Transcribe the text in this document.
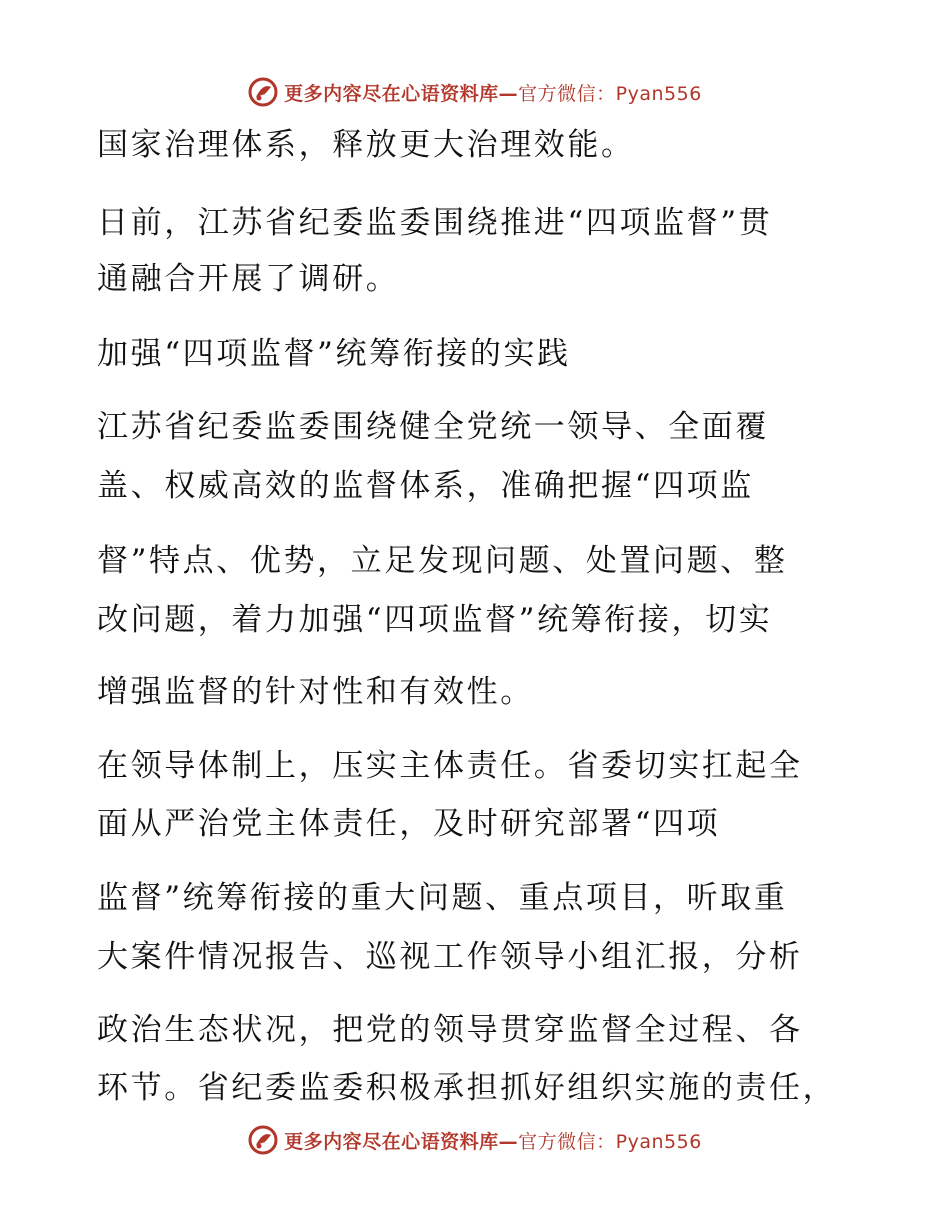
更多内容尽在心语资料库—官方微信：Pyan556
国家治理体系，释放更大治理效能。
日前，江苏省纪委监委围绕推进“四项监督”贯
通融合开展了调研。
加强“四项监督”统筹衔接的实践
江苏省纪委监委围绕健全党统一领导、全面覆
盖、权威高效的监督体系，准确把握“四项监
督”特点、优势，立足发现问题、处置问题、整
改问题，着力加强“四项监督”统筹衔接，切实
增强监督的针对性和有效性。
在领导体制上，压实主体责任。省委切实扛起全
面从严治党主体责任，及时研究部署“四项
监督”统筹衔接的重大问题、重点项目，听取重
大案件情况报告、巡视工作领导小组汇报，分析
政治生态状况，把党的领导贯穿监督全过程、各
环节。省纪委监委积极承担抓好组织实施的责任，
更多内容尽在心语资料库—官方微信：Pyan556
